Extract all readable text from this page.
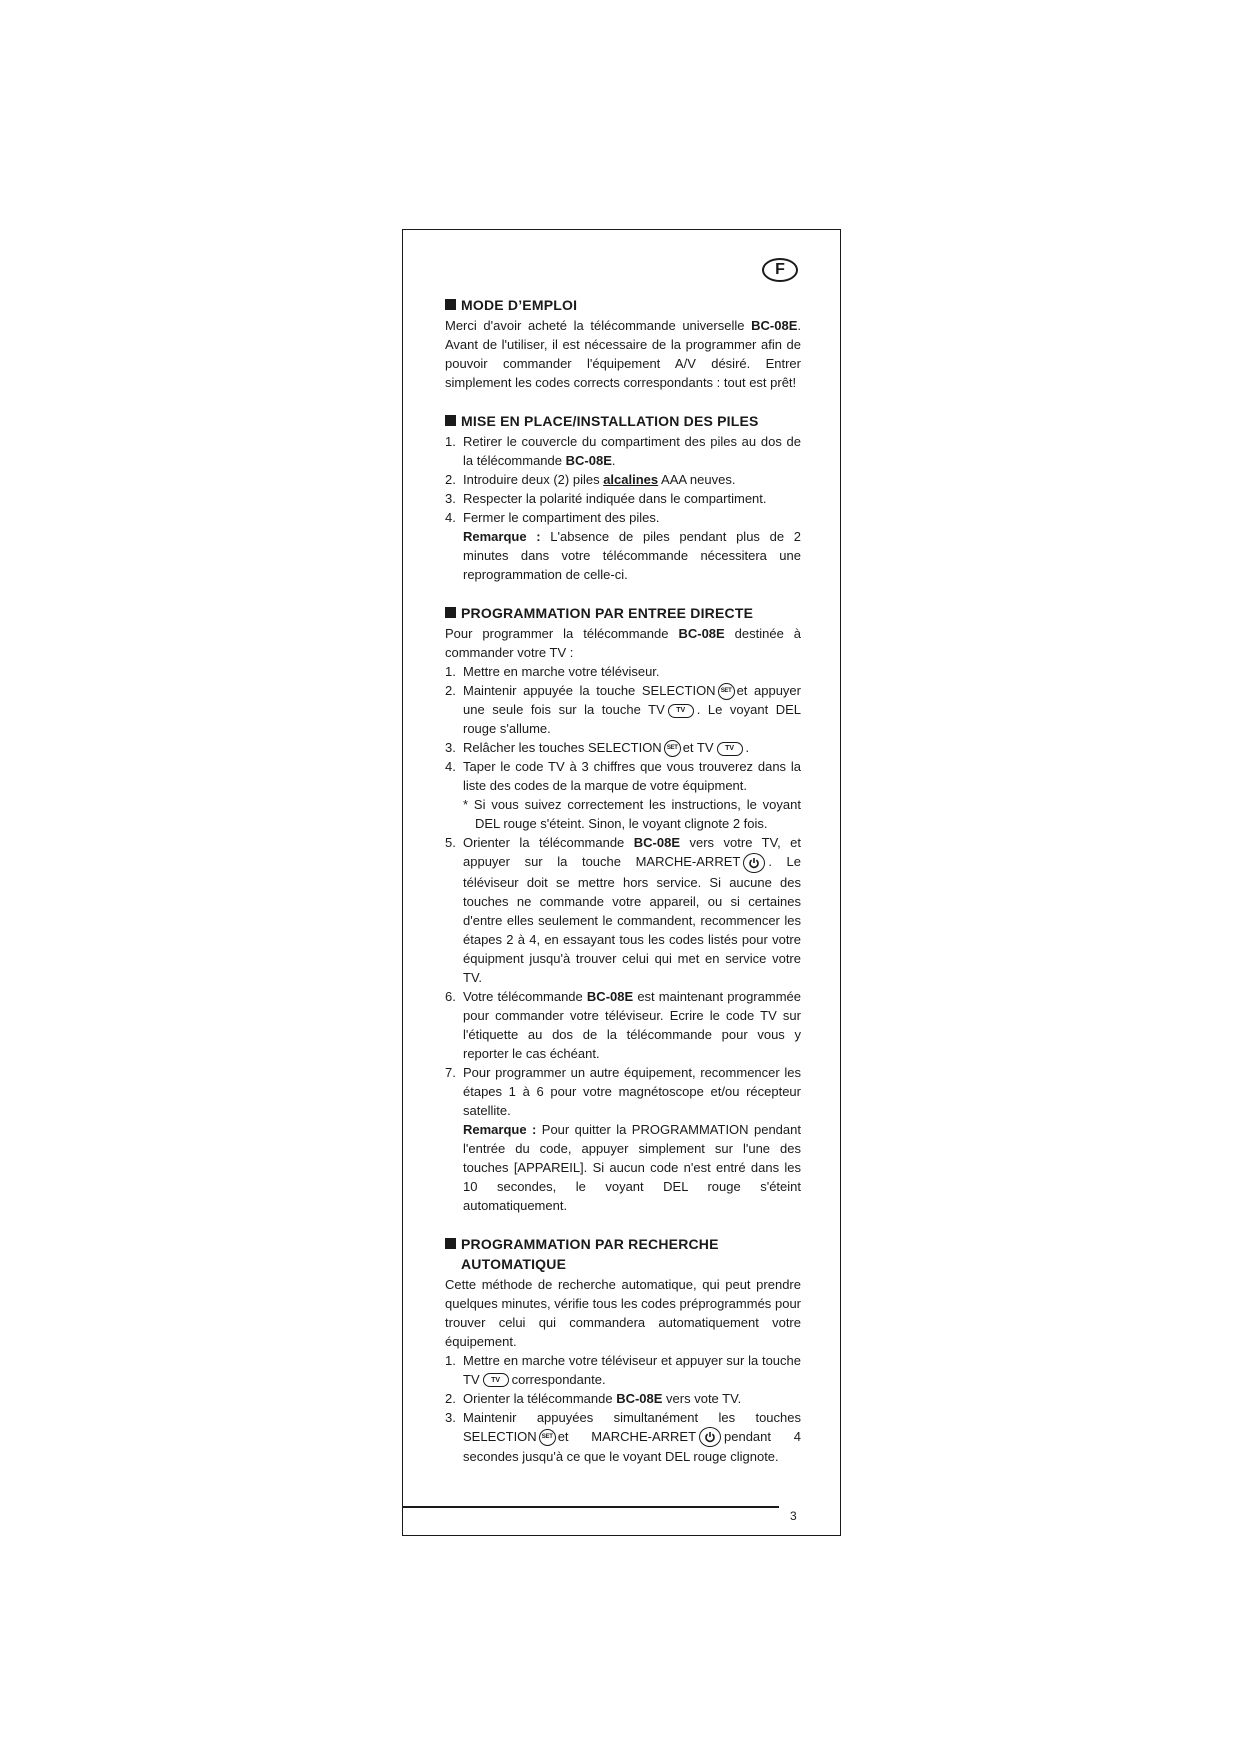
F
MODE D’EMPLOI

Merci d'avoir acheté la télécommande universelle BC-08E. Avant de l'utiliser, il est nécessaire de la programmer afin de pouvoir commander l'équipement A/V désiré. Entrer simplement les codes corrects correspondants : tout est prêt!

MISE EN PLACE/INSTALLATION DES PILES
1. Retirer le couvercle du compartiment des piles au dos de la télécommande BC-08E.
2. Introduire deux (2) piles alcalines AAA neuves.
3. Respecter la polarité indiquée dans le compartiment.
4. Fermer le compartiment des piles.

Remarque : L'absence de piles pendant plus de 2 minutes dans votre télécommande nécessitera une reprogrammation de celle-ci.

PROGRAMMATION PAR ENTREE DIRECTE

Pour programmer la télécommande BC-08E destinée à commander votre TV :

1. Mettre en marche votre téléviseur.
2. Maintenir appuyée la touche SELECTION SET et appuyer une seule fois sur la touche TV TV . Le voyant DEL rouge s'allume.
3. Relâcher les touches SELECTION SET et TV TV .
4. Taper le code TV à 3 chiffres que vous trouverez dans la liste des codes de la marque de votre équipment.

* Si vous suivez correctement les instructions, le voyant DEL rouge s'éteint. Sinon, le voyant clignote 2 fois.

5. Orienter la télécommande BC-08E vers votre TV, et appuyer sur la touche MARCHE-ARRET . Le téléviseur doit se mettre hors service. Si aucune des touches ne commande votre appareil, ou si certaines d'entre elles seulement le commandent, recommencer les étapes 2 à 4, en essayant tous les codes listés pour votre équipment jusqu'à trouver celui qui met en service votre TV.
6. Votre télécommande BC-08E est maintenant programmée pour commander votre téléviseur. Ecrire le code TV sur l'étiquette au dos de la télécommande pour vous y reporter le cas échéant.
7. Pour programmer un autre équipement, recommencer les étapes 1 à 6 pour votre magnétoscope et/ou récepteur satellite.

Remarque : Pour quitter la PROGRAMMATION pendant l'entrée du code, appuyer simplement sur l'une des touches [APPAREIL]. Si aucun code n'est entré dans les 10 secondes, le voyant DEL rouge s'éteint automatiquement.

PROGRAMMATION PAR RECHERCHE
AUTOMATIQUE

Cette méthode de recherche automatique, qui peut prendre quelques minutes, vérifie tous les codes préprogrammés pour trouver celui qui commandera automatiquement votre équipement.

1. Mettre en marche votre téléviseur et appuyer sur la touche TV TV correspondante.
2. Orienter la télécommande BC-08E vers vote TV.
3. Maintenir appuyées simultanément les touches SELECTION SET et MARCHE-ARRET pendant 4 secondes jusqu'à ce que le voyant DEL rouge clignote.
3
